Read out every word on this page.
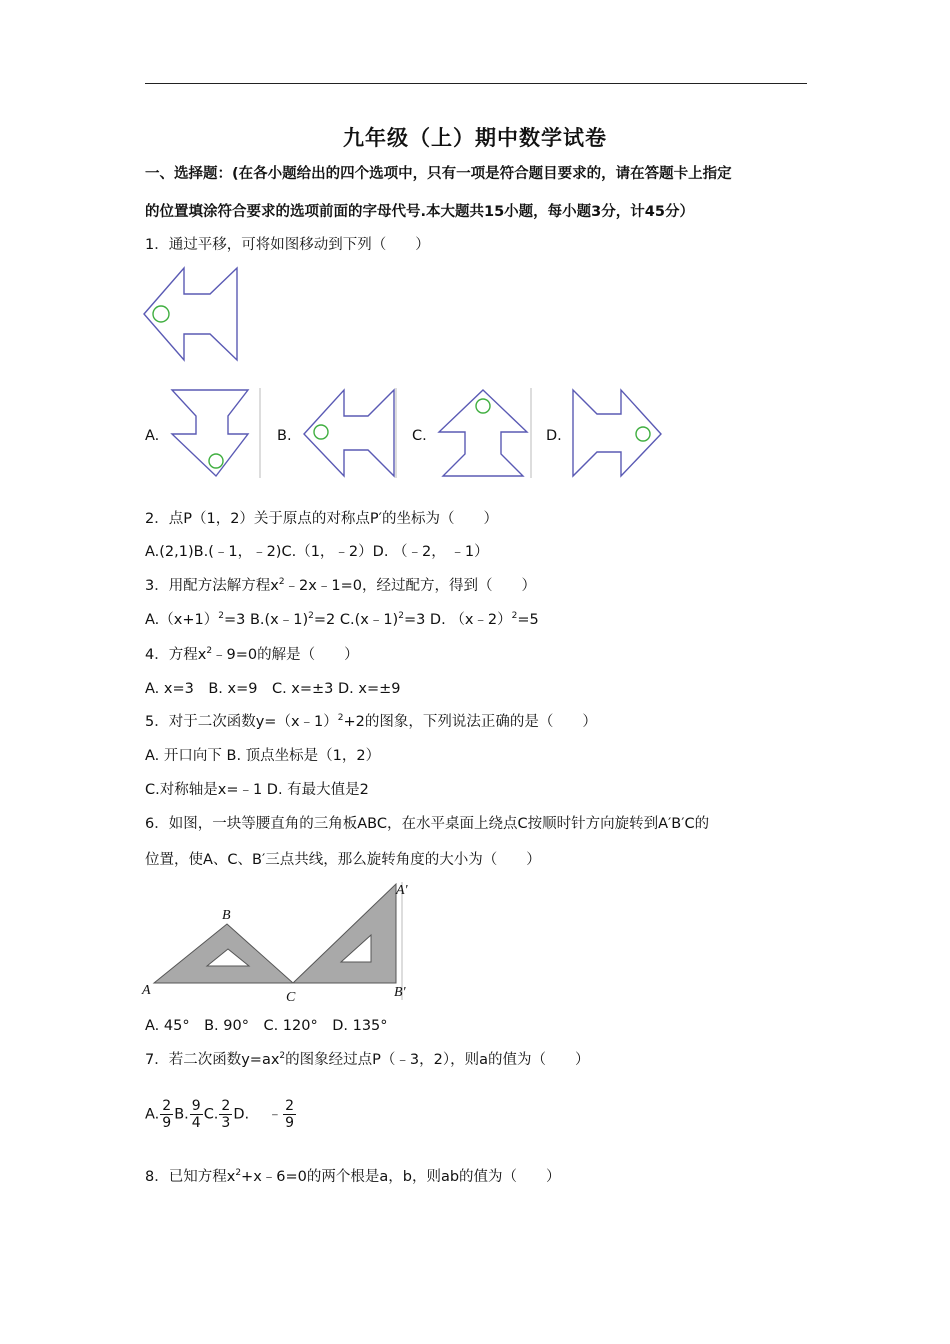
九年级（上）期中数学试卷
一、选择题：(在各小题给出的四个选项中，只有一项是符合题目要求的，请在答题卡上指定
的位置填涂符合要求的选项前面的字母代号.本大题共15小题，每小题3分，计45分）
1．通过平移，可将如图移动到下列（　　）
A.	B.	C.	D.
2．点P（1，2）关于原点的对称点P′的坐标为（　　）
A.(2,1)B.(﹣1，﹣2)C.（1，﹣2）D. （﹣2， ﹣1）
3．用配方法解方程$x^2﹣2x﹣1=0$，经过配方，得到（　　）
$A.(x+1)^2=3$ B.(x﹣1)$^2$=2 C.(x﹣1)$^2$=3 D. （x﹣2）$^2$=5
4．方程$x^2﹣9=0$的解是（　　）
A. x=3　B. x=9　C. x=±3 D. x=±9
5．对于二次函数y=（x﹣1）$^2$+2的图象，下列说法正确的是（　　）
A. 开口向下 B. 顶点坐标是（1，2）
C.对称轴是x=﹣1 D. 有最大值是2
6．如图，一块等腰直角的三角板ABC，在水平桌面上绕点C按顺时针方向旋转到A′B′C的
位置，使A、C、B′三点共线，那么旋转角度的大小为（　　）
A
B
C
A'
B'
A. 45°　B. 90°　C. 120°　D. 135°
7．若二次函数$y=ax^2$的图象经过点P（﹣3，2），则a的值为（　　）
A. $\frac{2}{9} B$. $\frac{9}{4} C$. $\frac{2}{3} D$. ﹣ $\frac{2}{9}$
8．已知方程$x^2+x﹣6=0$的两个根是a，b，则ab的值为（　　）
